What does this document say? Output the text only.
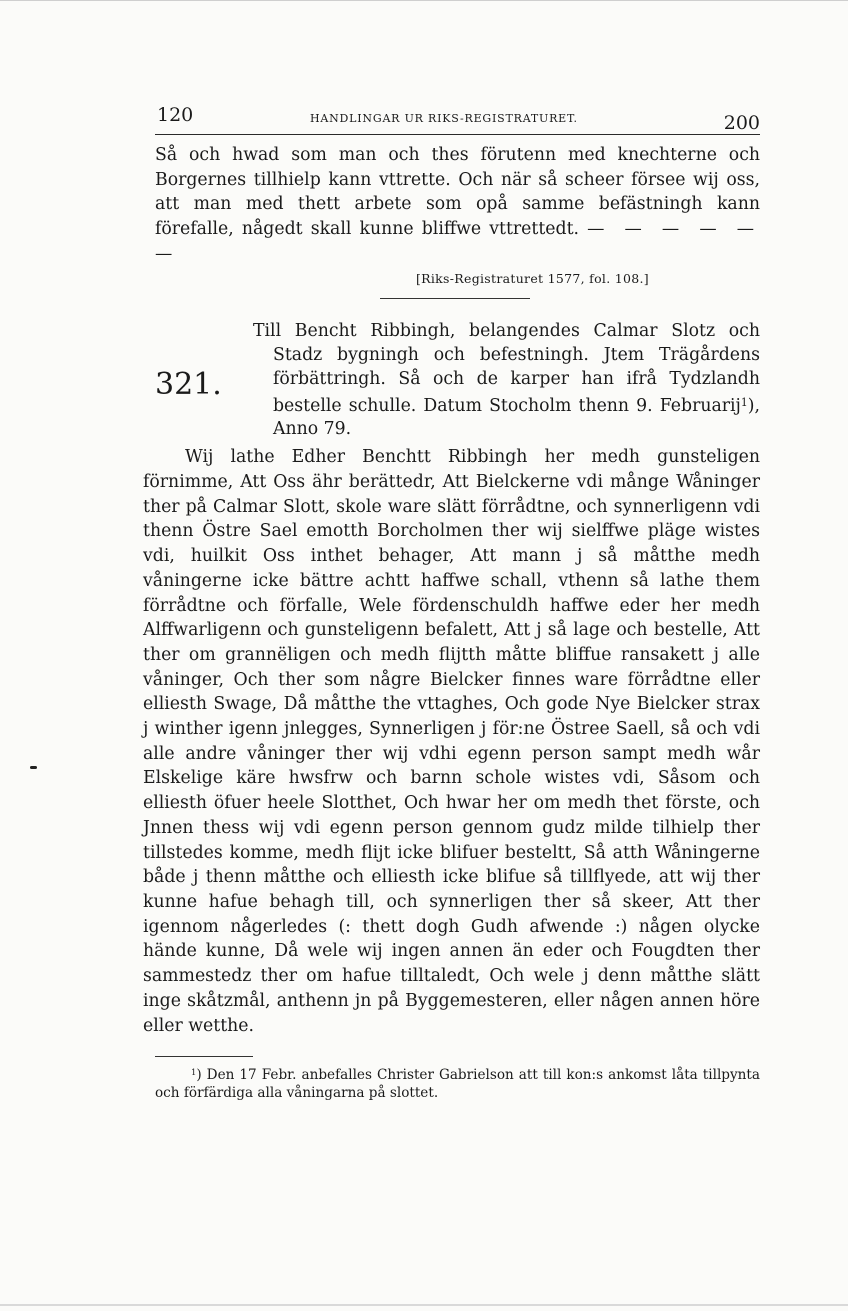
120	HANDLINGAR UR RIKS-REGISTRATURET.	200

Så och hwad som man och thes förutenn med knechterne och Borgernes tillhielp kann vttrette. Och när så scheer försee wij oss, att man med thett arbete som opå samme befästningh kann förefalle, någedt skall kunne bliffwe vttrettedt. — — — — — —

[Riks-Registraturet 1577, fol. 108.]
321.
Till Bencht Ribbingh, belangendes Calmar Slotz och Stadz bygningh och befestningh. Jtem Trägårdens förbättringh. Så och de karper han ifrå Tydzlandh bestelle schulle. Datum Stocholm thenn 9. Februarij$^1$), Anno 79.

Wij lathe Edher Benchtt Ribbingh her medh gunsteligen förnimme, Att Oss ähr berättedr, Att Bielckerne vdi månge Wåninger ther på Calmar Slott, skole ware slätt förrådtne, och synnerligenn vdi thenn Östre Sael emotth Borcholmen ther wij sielffwe pläge wistes vdi, huilkit Oss inthet behager, Att mann j så måtthe medh våningerne icke bättre achtt haffwe schall, vthenn så lathe them förrådtne och förfalle, Wele fördenschuldh haffwe eder her medh Alffwarligenn och gunsteligenn befalett, Att j så lage och bestelle, Att ther om grannëligen och medh flijtth måtte bliffue ransakett j alle våninger, Och ther som någre Bielcker finnes ware förrådtne eller elliesth Swage, Då måtthe the vttaghes, Och gode Nye Bielcker strax j winther igenn jnlegges, Synnerligen j för:ne Östree Saell, så och vdi alle andre våninger ther wij vdhi egenn person sampt medh wår Elskelige käre hwsfrw och barnn schole wistes vdi, Såsom och elliesth öfuer heele Slotthet, Och hwar her om medh thet förste, och Jnnen thess wij vdi egenn person gennom gudz milde tilhielp ther tillstedes komme, medh flijt icke blifuer besteltt, Så atth Wåningerne både j thenn måtthe och elliesth icke blifue så tillflyede, att wij ther kunne hafue behagh till, och synnerligen ther så skeer, Att ther igennom någerledes (: thett dogh Gudh afwende :) någen olycke hände kunne, Då wele wij ingen annen än eder och Fougdten ther sammestedz ther om hafue tilltaledt, Och wele j denn måtthe slätt inge skåtzmål, anthenn jn på Byggemesteren, eller någen annen höre eller wetthe.

$^1$) Den 17 Febr. anbefalles Christer Gabrielson att till kon:s ankomst låta tillpynta och förfärdiga alla våningarna på slottet.
